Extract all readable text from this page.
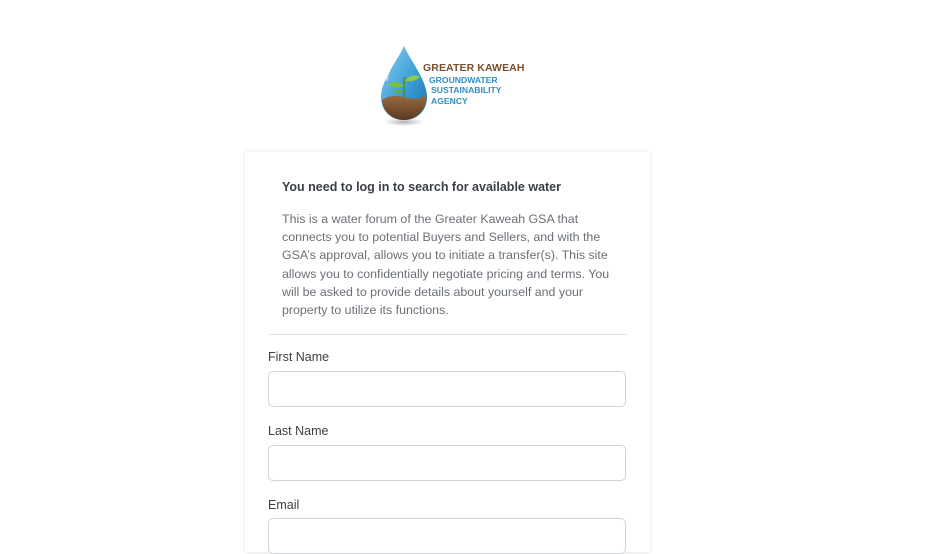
GREATER KAWEAH
GROUNDWATER
SUSTAINABILITY
AGENCY
You need to log in to search for available water
This is a water forum of the Greater Kaweah GSA that connects you to potential Buyers and Sellers, and with the GSA’s approval, allows you to initiate a transfer(s). This site allows you to confidentially negotiate pricing and terms. You will be asked to provide details about yourself and your property to utilize its functions.
First Name
Last Name
Email
